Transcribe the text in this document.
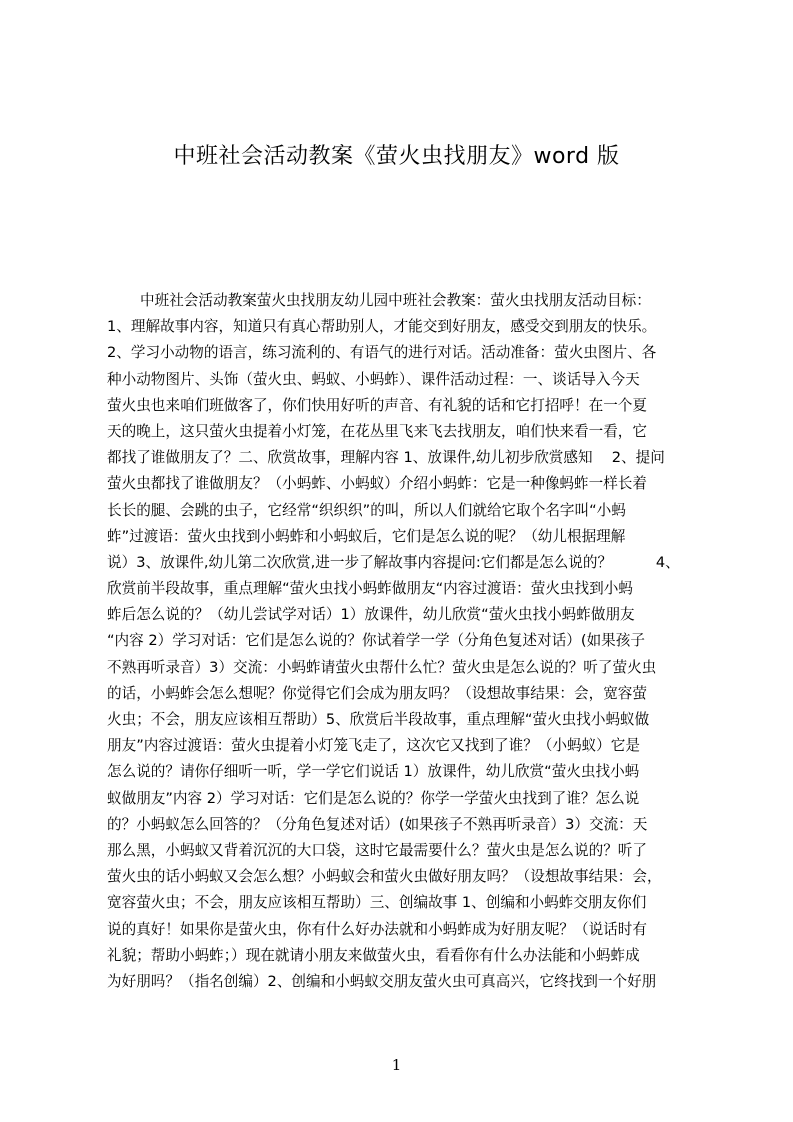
中班社会活动教案《萤火虫找朋友》word 版
中班社会活动教案萤火虫找朋友幼儿园中班社会教案：萤火虫找朋友活动目标：
1、理解故事内容，知道只有真心帮助别人，才能交到好朋友，感受交到朋友的快乐。
2、学习小动物的语言，练习流利的、有语气的进行对话。活动准备：萤火虫图片、各
种小动物图片、头饰（萤火虫、蚂蚁、小蚂蚱）、课件活动过程：一、谈话导入今天
萤火虫也来咱们班做客了，你们快用好听的声音、有礼貌的话和它打招呼！在一个夏
天的晚上，这只萤火虫提着小灯笼，在花丛里飞来飞去找朋友，咱们快来看一看，它
都找了谁做朋友了？二、欣赏故事，理解内容 1、放课件,幼儿初步欣赏感知　 2、提问
萤火虫都找了谁做朋友？（小蚂蚱、小蚂蚁）介绍小蚂蚱：它是一种像蚂蚱一样长着
长长的腿、会跳的虫子，它经常“织织织”的叫，所以人们就给它取个名字叫“小蚂
蚱”过渡语：萤火虫找到小蚂蚱和小蚂蚁后，它们是怎么说的呢？（幼儿根据理解
说）3、放课件,幼儿第二次欣赏,进一步了解故事内容提问:它们都是怎么说的？　　　4、
欣赏前半段故事，重点理解“萤火虫找小蚂蚱做朋友“内容过渡语：萤火虫找到小蚂
蚱后怎么说的？（幼儿尝试学对话）1）放课件，幼儿欣赏“萤火虫找小蚂蚱做朋友
“内容 2）学习对话：它们是怎么说的？你试着学一学（分角色复述对话）(如果孩子
不熟再听录音）3）交流：小蚂蚱请萤火虫帮什么忙？萤火虫是怎么说的？听了萤火虫
的话，小蚂蚱会怎么想呢？你觉得它们会成为朋友吗？（设想故事结果：会，宽容萤
火虫；不会，朋友应该相互帮助）5、欣赏后半段故事，重点理解“萤火虫找小蚂蚁做
朋友”内容过渡语：萤火虫提着小灯笼飞走了，这次它又找到了谁？（小蚂蚁）它是
怎么说的？请你仔细听一听，学一学它们说话 1）放课件，幼儿欣赏“萤火虫找小蚂
蚁做朋友”内容 2）学习对话：它们是怎么说的？你学一学萤火虫找到了谁？怎么说
的？小蚂蚁怎么回答的？（分角色复述对话）(如果孩子不熟再听录音）3）交流：天
那么黑，小蚂蚁又背着沉沉的大口袋，这时它最需要什么？萤火虫是怎么说的？听了
萤火虫的话小蚂蚁又会怎么想？小蚂蚁会和萤火虫做好朋友吗？（设想故事结果：会，
宽容萤火虫；不会，朋友应该相互帮助）三、创编故事 1、创编和小蚂蚱交朋友你们
说的真好！如果你是萤火虫，你有什么好办法就和小蚂蚱成为好朋友呢？（说话时有
礼貌；帮助小蚂蚱；）现在就请小朋友来做萤火虫，看看你有什么办法能和小蚂蚱成
为好朋吗？（指名创编）2、创编和小蚂蚁交朋友萤火虫可真高兴，它终找到一个好朋
1
